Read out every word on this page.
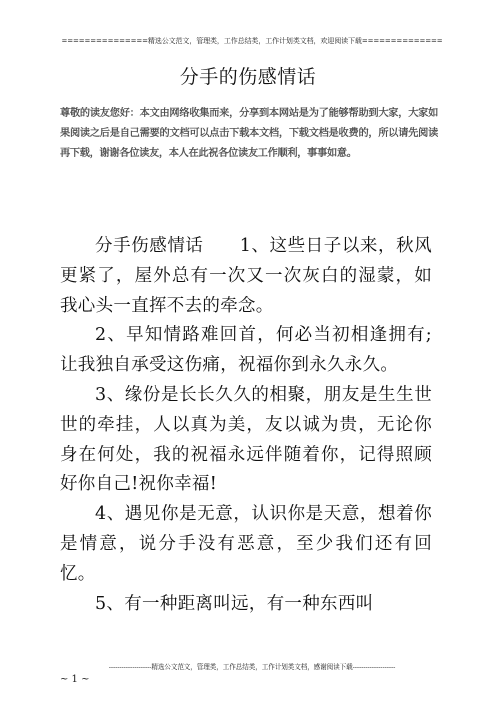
===============精选公文范文，管理类，工作总结类，工作计划类文档，欢迎阅读下载==============
分手的伤感情话
尊敬的读友您好：本文由网络收集而来，分享到本网站是为了能够帮助到大家，大家如果阅读之后是自己需要的文档可以点击下载本文档，下载文档是收费的，所以请先阅读再下载，谢谢各位读友，本人在此祝各位读友工作顺利，事事如意。

分手伤感情话　　1、这些日子以来，秋风更紧了，屋外总有一次又一次灰白的湿蒙，如我心头一直挥不去的牵念。

2、早知情路难回首，何必当初相逢拥有;让我独自承受这伤痛，祝福你到永久永久。

3、缘份是长长久久的相聚，朋友是生生世世的牵挂，人以真为美，友以诚为贵，无论你身在何处，我的祝福永远伴随着你，记得照顾好你自己!祝你幸福!

4、遇见你是无意，认识你是天意，想着你是情意，说分手没有恶意，至少我们还有回忆。

5、有一种距离叫远，有一种东西叫

--------------------精选公文范文，管理类，工作总结类，工作计划类文档，感谢阅读下载--------------------
~ 1 ~
